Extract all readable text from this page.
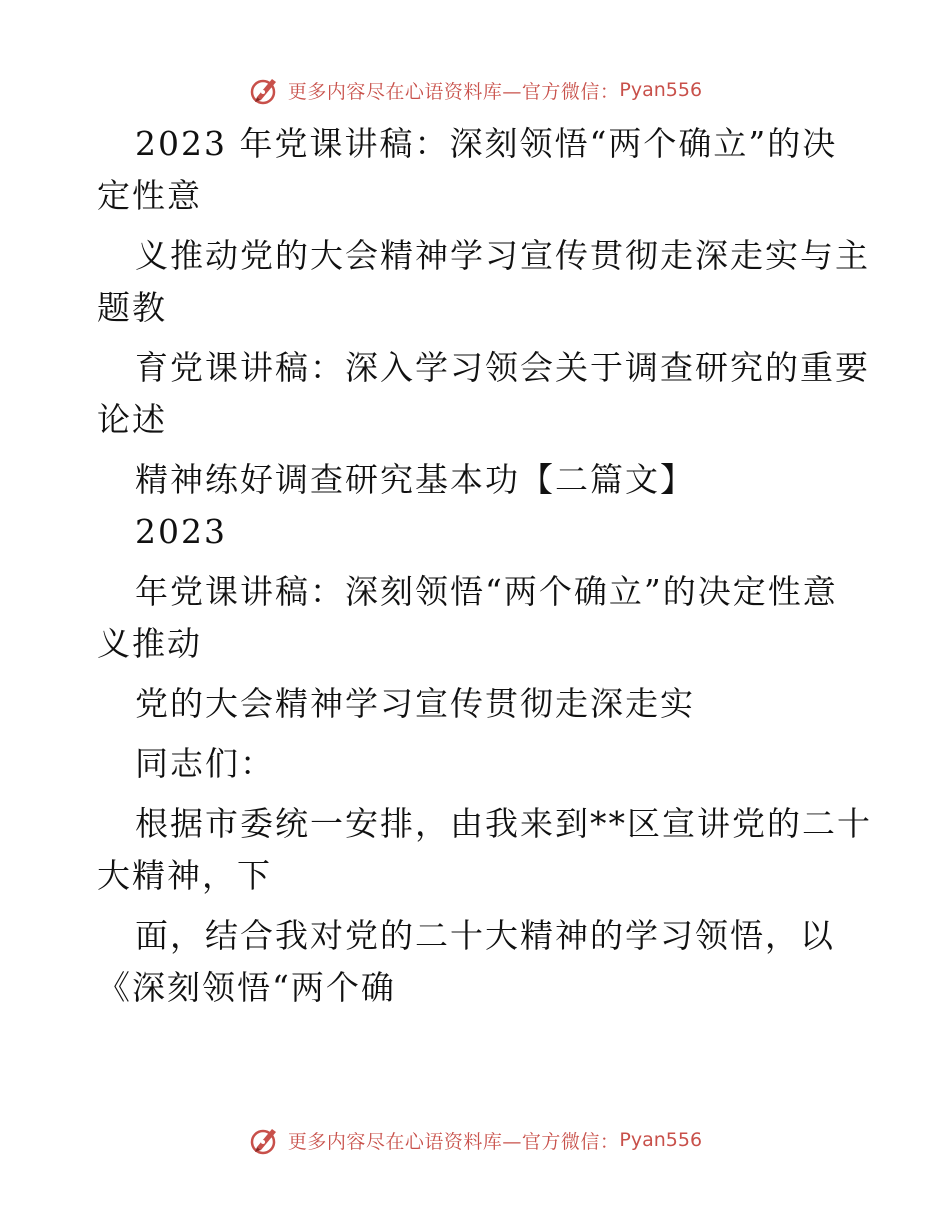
更多内容尽在心语资料库—官方微信： Pyan556
2023 年党课讲稿：深刻领悟“两个确立”的决
定性意
义推动党的大会精神学习宣传贯彻走深走实与主
题教
育党课讲稿：深入学习领会关于调查研究的重要
论述
精神练好调查研究基本功【二篇文】
2023
年党课讲稿：深刻领悟“两个确立”的决定性意
义推动
党的大会精神学习宣传贯彻走深走实
同志们：
根据市委统一安排，由我来到**区宣讲党的二十
大精神，下
面，结合我对党的二十大精神的学习领悟，以
《深刻领悟“两个确
更多内容尽在心语资料库—官方微信： Pyan556
